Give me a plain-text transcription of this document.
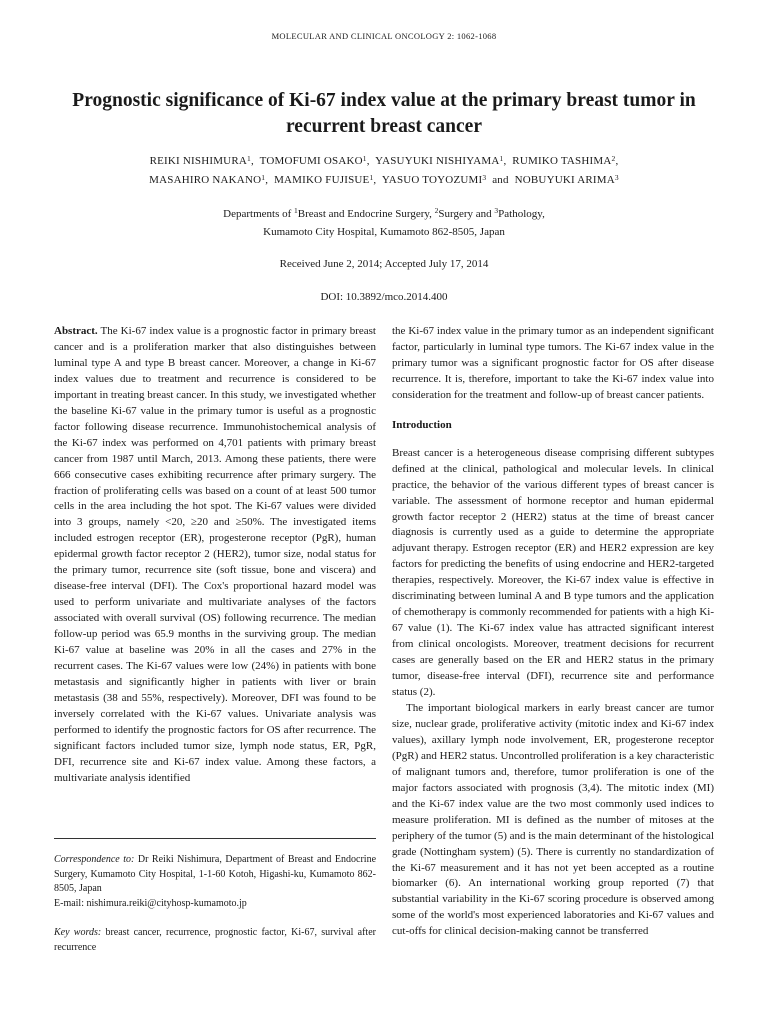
MOLECULAR AND CLINICAL ONCOLOGY 2: 1062-1068
Prognostic significance of Ki-67 index value at the primary breast tumor in recurrent breast cancer
REIKI NISHIMURA$^1$,  TOMOFUMI OSAKO$^1$,  YASUYUKI NISHIYAMA$^1$,  RUMIKO TASHIMA$^2$,
MASAHIRO NAKANO$^1$,  MAMIKO FUJISUE$^1$,  YASUO TOYOZUMI$^3$ and NOBUYUKI ARIMA$^3$
Departments of $^1$Breast and Endocrine Surgery, $^2$Surgery and $^3$Pathology,
Kumamoto City Hospital, Kumamoto 862-8505, Japan
Received June 2, 2014; Accepted July 17, 2014
DOI: 10.3892/mco.2014.400

Abstract. The Ki-67 index value is a prognostic factor in primary breast cancer and is a proliferation marker that also distinguishes between luminal type A and type B breast cancer. Moreover, a change in Ki-67 index values due to treatment and recurrence is considered to be important in treating breast cancer. In this study, we investigated whether the baseline Ki-67 value in the primary tumor is useful as a prognostic factor following disease recurrence. Immunohistochemical analysis of the Ki-67 index was performed on 4,701 patients with primary breast cancer from 1987 until March, 2013. Among these patients, there were 666 consecutive cases exhibiting recurrence after primary surgery. The fraction of proliferating cells was based on a count of at least 500 tumor cells in the area including the hot spot. The Ki-67 values were divided into 3 groups, namely <20, ≥20 and ≥50%. The investigated items included estrogen receptor (ER), progesterone receptor (PgR), human epidermal growth factor receptor 2 (HER2), tumor size, nodal status for the primary tumor, recurrence site (soft tissue, bone and viscera) and disease-free interval (DFI). The Cox's proportional hazard model was used to perform univariate and multivariate analyses of the factors associated with overall survival (OS) following recurrence. The median follow-up period was 65.9 months in the surviving group. The median Ki-67 value at baseline was 20% in all the cases and 27% in the recurrent cases. The Ki-67 values were low (24%) in patients with bone metastasis and significantly higher in patients with liver or brain metastasis (38 and 55%, respectively). Moreover, DFI was found to be inversely correlated with the Ki-67 values. Univariate analysis was performed to identify the prognostic factors for OS after recurrence. The significant factors included tumor size, lymph node status, ER, PgR, DFI, recurrence site and Ki-67 index value. Among these factors, a multivariate analysis identified

Correspondence to: Dr Reiki Nishimura, Department of Breast and Endocrine Surgery, Kumamoto City Hospital, 1-1-60 Kotoh, Higashi-ku, Kumamoto 862-8505, Japan
E-mail: nishimura.reiki@cityhosp-kumamoto.jp
Key words: breast cancer, recurrence, prognostic factor, Ki-67, survival after recurrence

the Ki-67 index value in the primary tumor as an independent significant factor, particularly in luminal type tumors. The Ki-67 index value in the primary tumor was a significant prognostic factor for OS after disease recurrence. It is, therefore, important to take the Ki-67 index value into consideration for the treatment and follow-up of breast cancer patients.

Introduction

Breast cancer is a heterogeneous disease comprising different subtypes defined at the clinical, pathological and molecular levels. In clinical practice, the behavior of the various different types of breast cancer is variable. The assessment of hormone receptor and human epidermal growth factor receptor 2 (HER2) status at the time of breast cancer diagnosis is currently used as a guide to determine the appropriate adjuvant therapy. Estrogen receptor (ER) and HER2 expression are key factors for predicting the benefits of using endocrine and HER2-targeted therapies, respectively. Moreover, the Ki-67 index value is effective in discriminating between luminal A and B type tumors and the application of chemotherapy is commonly recommended for patients with a high Ki-67 value (1). The Ki-67 index value has attracted significant interest from clinical oncologists. Moreover, treatment decisions for recurrent cases are generally based on the ER and HER2 status in the primary tumor, disease-free interval (DFI), recurrence site and performance status (2).

The important biological markers in early breast cancer are tumor size, nuclear grade, proliferative activity (mitotic index and Ki-67 index values), axillary lymph node involvement, ER, progesterone receptor (PgR) and HER2 status. Uncontrolled proliferation is a key characteristic of malignant tumors and, therefore, tumor proliferation is one of the major factors associated with prognosis (3,4). The mitotic index (MI) and the Ki-67 index value are the two most commonly used indices to measure proliferation. MI is defined as the number of mitoses at the periphery of the tumor (5) and is the main determinant of the histological grade (Nottingham system) (5). There is currently no standardization of the Ki-67 measurement and it has not yet been accepted as a routine biomarker (6). An international working group reported (7) that substantial variability in the Ki-67 scoring procedure is observed among some of the world's most experienced laboratories and Ki-67 values and cut-offs for clinical decision-making cannot be transferred
